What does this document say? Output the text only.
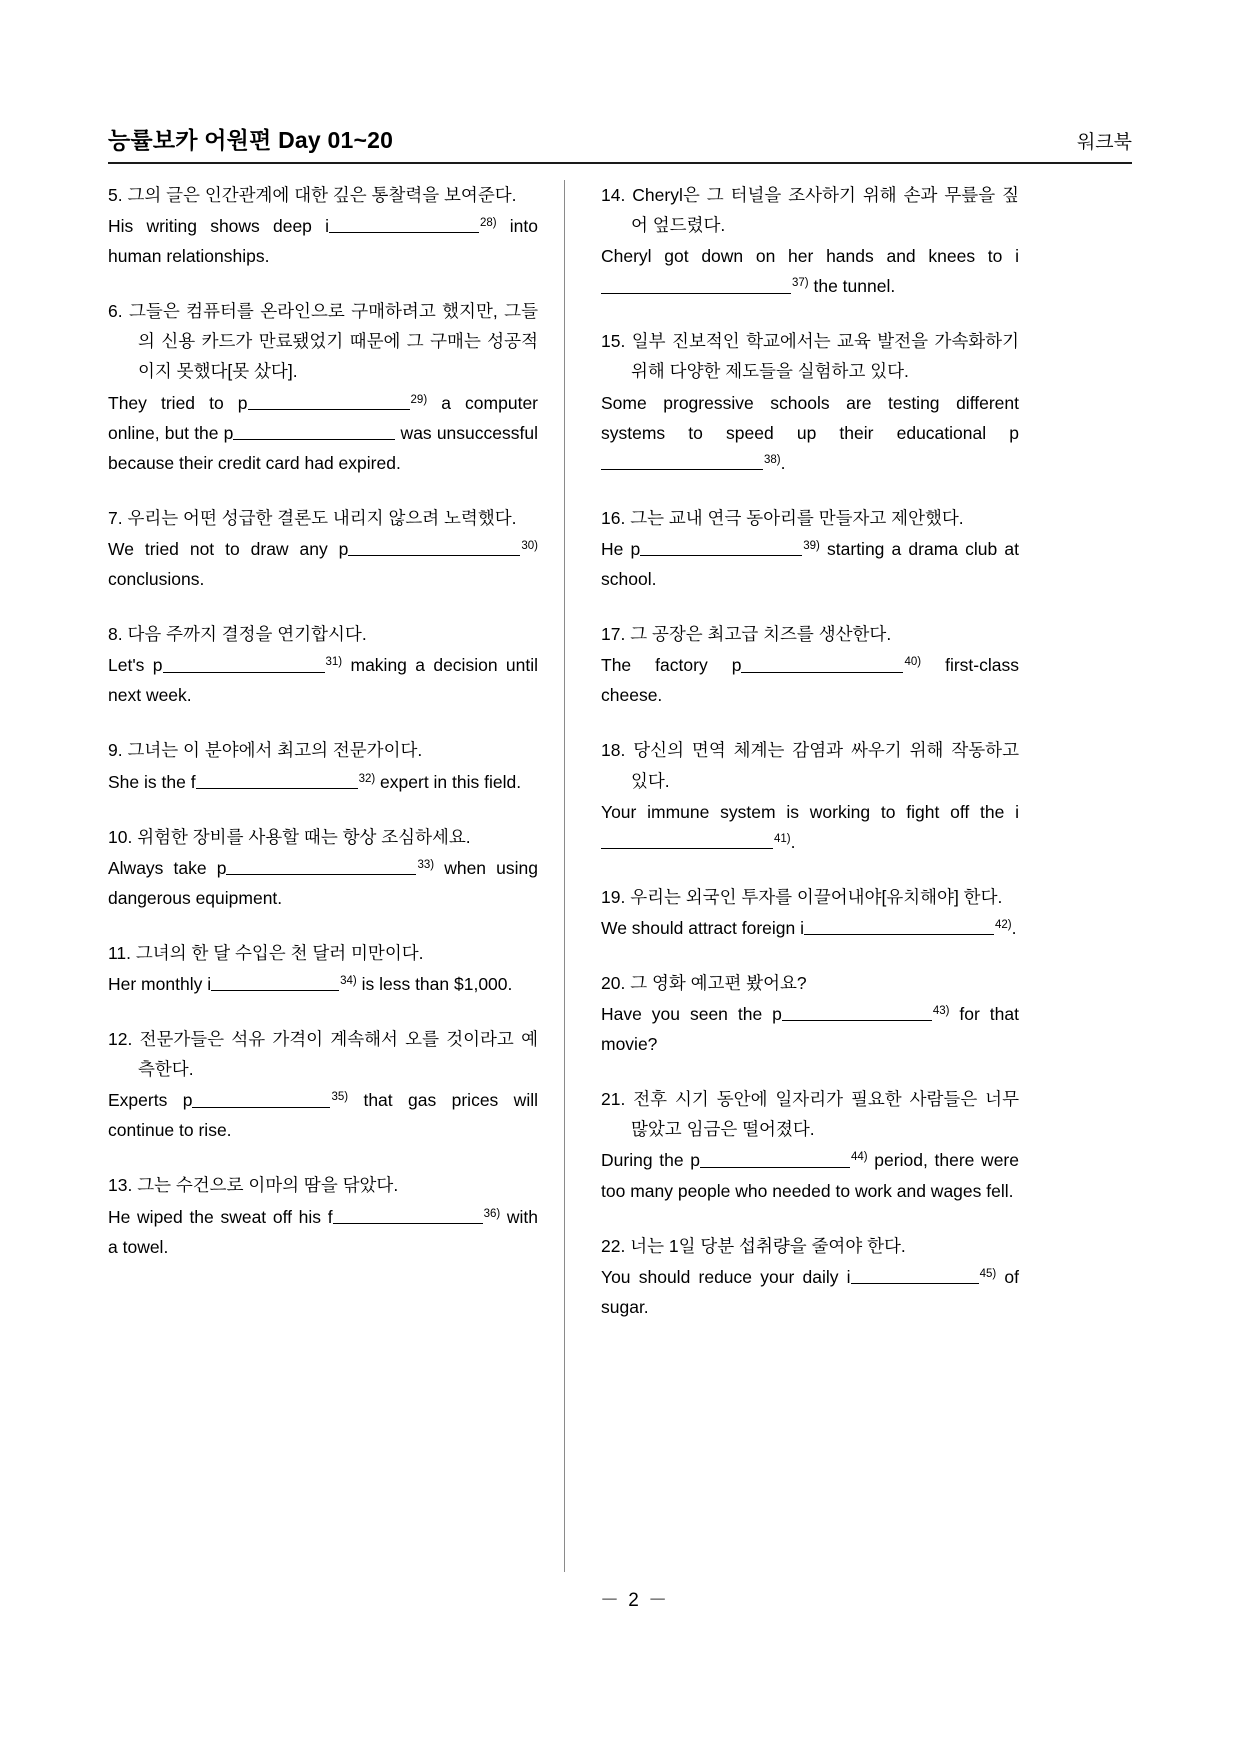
능률보카 어원편 Day 01~20	워크북

5. 그의 글은 인간관계에 대한 깊은 통찰력을 보여준다.

His writing shows deep i	$^{28)}$ into human relationships.

6. 그들은 컴퓨터를 온라인으로 구매하려고 했지만, 그들의 신용 카드가 만료됐었기 때문에 그 구매는 성공적이지 못했다[못 샀다].

They tried to p	$^{29)}$ a computer online, but the p	was unsuccessful because their credit card had expired.

7. 우리는 어떤 성급한 결론도 내리지 않으려 노력했다.

We tried not to draw any p	$^{30)}$ conclusions.

8. 다음 주까지 결정을 연기합시다.

Let's p	$^{31)}$ making a decision until next week.

9. 그녀는 이 분야에서 최고의 전문가이다.

She is the f	$^{32)}$ expert in this field.

10. 위험한 장비를 사용할 때는 항상 조심하세요.

Always take p	$^{33)}$ when using dangerous equipment.

11. 그녀의 한 달 수입은 천 달러 미만이다.

Her monthly i	$^{34)}$ is less than $1,000.

12. 전문가들은 석유 가격이 계속해서 오를 것이라고 예측한다.

Experts p	$^{35)}$ that gas prices will continue to rise.

13. 그는 수건으로 이마의 땀을 닦았다.

He wiped the sweat off his f	$^{36)}$ with a towel.

14. Cheryl은 그 터널을 조사하기 위해 손과 무릎을 짚어 엎드렸다.

Cheryl got down on her hands and knees to $i^{37)}$ the tunnel.

15. 일부 진보적인 학교에서는 교육 발전을 가속화하기 위해 다양한 제도들을 실험하고 있다.

Some progressive schools are testing different systems to speed up their educational $p^{38)}$.

16. 그는 교내 연극 동아리를 만들자고 제안했다.

He p	$^{39)}$ starting a drama club at school.

17. 그 공장은 최고급 치즈를 생산한다.

The factory p	$^{40)}$ first-class cheese.

18. 당신의 면역 체계는 감염과 싸우기 위해 작동하고 있다.

Your immune system is working to fight off the $i^{41)}$.

19. 우리는 외국인 투자를 이끌어내야[유치해야] 한다.

We should attract foreign i	$^{42)}$.

20. 그 영화 예고편 봤어요?

Have you seen the p	$^{43)}$ for that movie?

21. 전후 시기 동안에 일자리가 필요한 사람들은 너무 많았고 임금은 떨어졌다.

During the p	$^{44)}$ period, there were too many people who needed to work and wages fell.

22. 너는 1일 당분 섭취량을 줄여야 한다.

You should reduce your daily i	$^{45)}$ of sugar.

－ 2 －
